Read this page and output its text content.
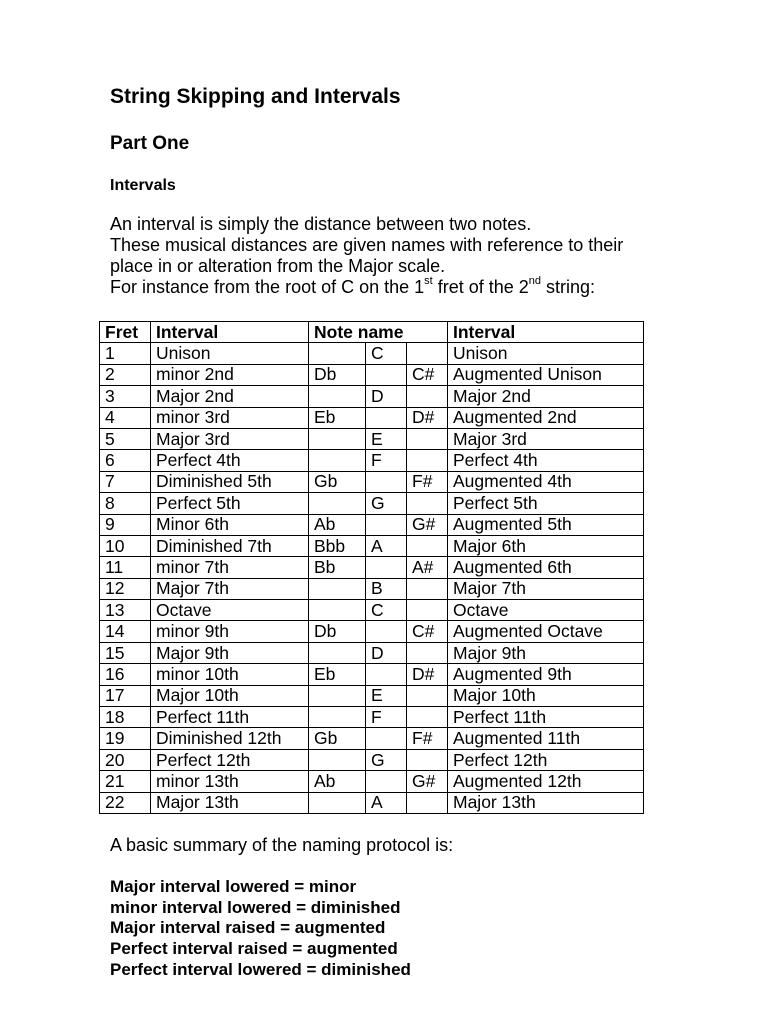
String Skipping and Intervals
Part One
Intervals

An interval is simply the distance between two notes.

These musical distances are given names with reference to their

place in or alteration from the Major scale.

For instance from the root of C on the 1st fret of the 2nd string:

Fret	Interval	Note name			Interval
1	Unison		C		Unison
2	minor 2nd	Db		C#	Augmented Unison
3	Major 2nd		D		Major 2nd
4	minor 3rd	Eb		D#	Augmented 2nd
5	Major 3rd		E		Major 3rd
6	Perfect 4th		F		Perfect 4th
7	Diminished 5th	Gb		F#	Augmented 4th
8	Perfect 5th		G		Perfect 5th
9	Minor 6th	Ab		G#	Augmented 5th
10	Diminished 7th	Bbb	A		Major 6th
11	minor 7th	Bb		A#	Augmented 6th
12	Major 7th		B		Major 7th
13	Octave		C		Octave
14	minor 9th	Db		C#	Augmented Octave
15	Major 9th		D		Major 9th
16	minor 10th	Eb		D#	Augmented 9th
17	Major 10th		E		Major 10th
18	Perfect 11th		F		Perfect 11th
19	Diminished 12th	Gb		F#	Augmented 11th
20	Perfect 12th		G		Perfect 12th
21	minor 13th	Ab		G#	Augmented 12th
22	Major 13th		A		Major 13th

A basic summary of the naming protocol is:

Major interval lowered = minor
minor interval lowered = diminished
Major interval raised = augmented
Perfect interval raised = augmented
Perfect interval lowered = diminished
